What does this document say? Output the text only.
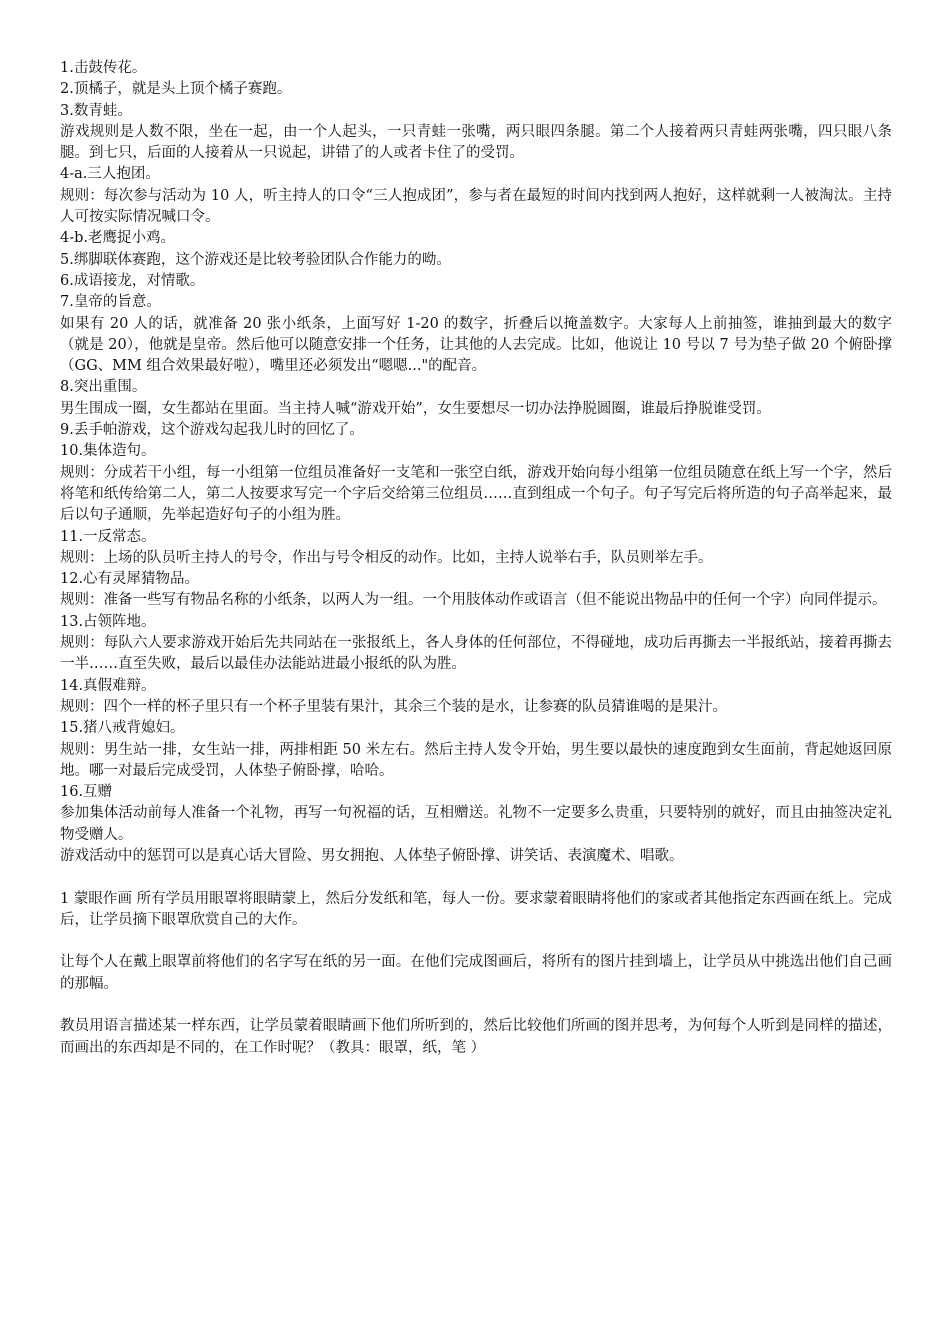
1.击鼓传花。

2.顶橘子，就是头上顶个橘子赛跑。

3.数青蛙。

游戏规则是人数不限，坐在一起，由一个人起头，一只青蛙一张嘴，两只眼四条腿。第二个人接着两只青蛙两张嘴，四只眼八条腿。到七只，后面的人接着从一只说起，讲错了的人或者卡住了的受罚。

4-a.三人抱团。

规则：每次参与活动为 10 人，听主持人的口令“三人抱成团”，参与者在最短的时间内找到两人抱好，这样就剩一人被淘汰。主持人可按实际情况喊口令。

4-b.老鹰捉小鸡。

5.绑脚联体赛跑，这个游戏还是比较考验团队合作能力的呦。

6.成语接龙，对情歌。

7.皇帝的旨意。

如果有 20 人的话，就准备 20 张小纸条，上面写好 1-20 的数字，折叠后以掩盖数字。大家每人上前抽签，谁抽到最大的数字（就是 20），他就是皇帝。然后他可以随意安排一个任务，让其他的人去完成。比如，他说让 10 号以 7 号为垫子做 20 个俯卧撑（GG、MM 组合效果最好啦），嘴里还必须发出“嗯嗯..."的配音。

8.突出重围。

男生围成一圈，女生都站在里面。当主持人喊“游戏开始”，女生要想尽一切办法挣脱圆圈，谁最后挣脱谁受罚。

9.丢手帕游戏，这个游戏勾起我儿时的回忆了。

10.集体造句。

规则：分成若干小组，每一小组第一位组员准备好一支笔和一张空白纸，游戏开始向每小组第一位组员随意在纸上写一个字，然后将笔和纸传给第二人，第二人按要求写完一个字后交给第三位组员……直到组成一个句子。句子写完后将所造的句子高举起来，最后以句子通顺，先举起造好句子的小组为胜。

11.一反常态。

规则：上场的队员听主持人的号令，作出与号令相反的动作。比如，主持人说举右手，队员则举左手。

12.心有灵犀猜物品。

规则：准备一些写有物品名称的小纸条，以两人为一组。一个用肢体动作或语言（但不能说出物品中的任何一个字）向同伴提示。

13.占领阵地。

规则：每队六人要求游戏开始后先共同站在一张报纸上，各人身体的任何部位，不得碰地，成功后再撕去一半报纸站，接着再撕去一半……直至失败，最后以最佳办法能站进最小报纸的队为胜。

14.真假难辩。

规则：四个一样的杯子里只有一个杯子里装有果汁，其余三个装的是水，让参赛的队员猜谁喝的是果汁。

15.猪八戒背媳妇。

规则：男生站一排，女生站一排，两排相距 50 米左右。然后主持人发令开始，男生要以最快的速度跑到女生面前，背起她返回原地。哪一对最后完成受罚，人体垫子俯卧撑，哈哈。

16.互赠

参加集体活动前每人准备一个礼物，再写一句祝福的话，互相赠送。礼物不一定要多么贵重，只要特别的就好，而且由抽签决定礼物受赠人。

游戏活动中的惩罚可以是真心话大冒险、男女拥抱、人体垫子俯卧撑、讲笑话、表演魔术、唱歌。

1 蒙眼作画 所有学员用眼罩将眼睛蒙上，然后分发纸和笔，每人一份。要求蒙着眼睛将他们的家或者其他指定东西画在纸上。完成后，让学员摘下眼罩欣赏自己的大作。

让每个人在戴上眼罩前将他们的名字写在纸的另一面。在他们完成图画后，将所有的图片挂到墙上，让学员从中挑选出他们自己画的那幅。

教员用语言描述某一样东西，让学员蒙着眼睛画下他们所听到的，然后比较他们所画的图并思考，为何每个人听到是同样的描述，而画出的东西却是不同的，在工作时呢？（教具：眼罩，纸，笔 ）
